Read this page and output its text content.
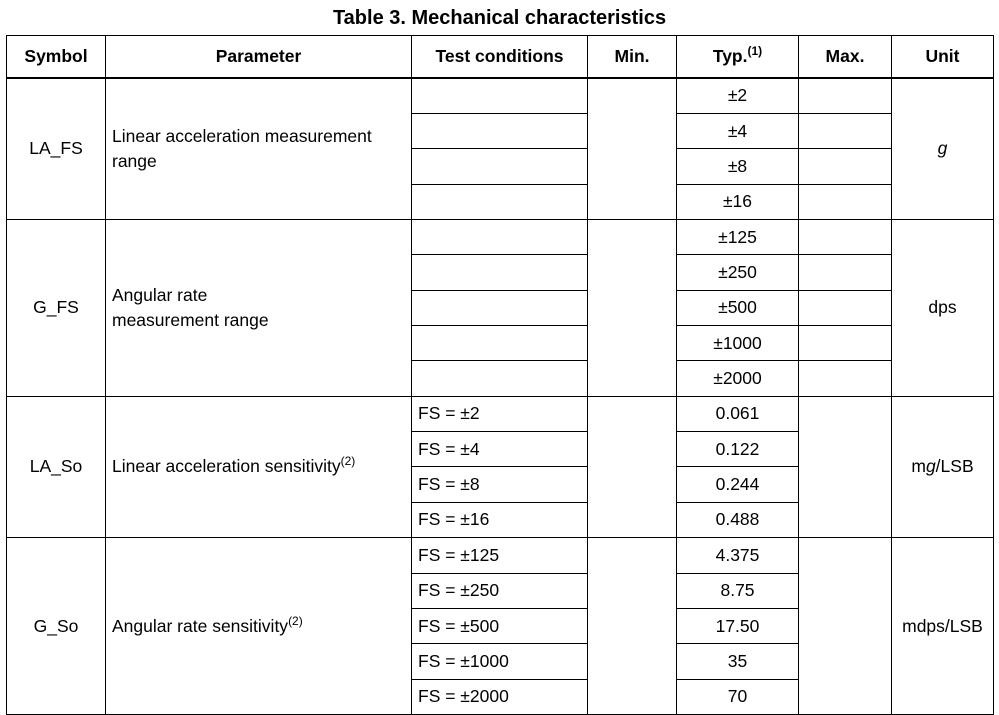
Table 3. Mechanical characteristics
Symbol	Parameter	Test conditions	Min.	Typ.$^{(1)}$	Max.	Unit
LA_FS	Linear acceleration measurement range			±2		g
				±4		
				±8		
				±16		
G_FS	Angular rate measurement range			±125		dps
				±250		
				±500		
				±1000		
				±2000		
LA_So	Linear acceleration sensitivity$^{(2)}$	FS = ±2		0.061		mg/LSB
		FS = ±4		0.122		
		FS = ±8		0.244		
		FS = ±16		0.488		
G_So	Angular rate sensitivity$^{(2)}$	FS = ±125		4.375		mdps/LSB
		FS = ±250		8.75		
		FS = ±500		17.50		
		FS = ±1000		35		
		FS = ±2000		70		
